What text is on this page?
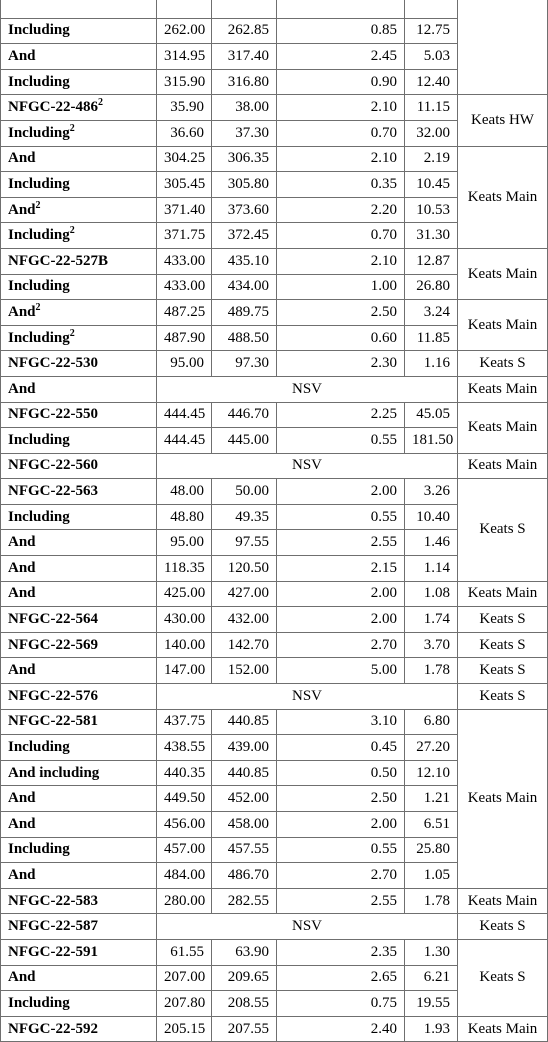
Including	262.00	262.85	0.85	12.75	
And	314.95	317.40	2.45	5.03	
Including	315.90	316.80	0.90	12.40	
NFGC-$22-486^2$	35.90	38.00	2.10	11.15	Keats HW
Including$^2$	36.60	37.30	0.70	32.00	
And	304.25	306.35	2.10	2.19	Keats Main
Including	305.45	305.80	0.35	10.45	
And$^2$	371.40	373.60	2.20	10.53	
Including$^2$	371.75	372.45	0.70	31.30	
NFGC-22-527B	433.00	435.10	2.10	12.87	Keats Main
Including	433.00	434.00	1.00	26.80	
And$^2$	487.25	489.75	2.50	3.24	Keats Main
Including$^2$	487.90	488.50	0.60	11.85	
NFGC-22-530	95.00	97.30	2.30	1.16	Keats S
And	NSV				Keats Main
NFGC-22-550	444.45	446.70	2.25	45.05	Keats Main
Including	444.45	445.00	0.55	181.50	
NFGC-22-560	NSV				Keats Main
NFGC-22-563	48.00	50.00	2.00	3.26	Keats S
Including	48.80	49.35	0.55	10.40	
And	95.00	97.55	2.55	1.46	
And	118.35	120.50	2.15	1.14	
And	425.00	427.00	2.00	1.08	Keats Main
NFGC-22-564	430.00	432.00	2.00	1.74	Keats S
NFGC-22-569	140.00	142.70	2.70	3.70	Keats S
And	147.00	152.00	5.00	1.78	Keats S
NFGC-22-576	NSV				Keats S
NFGC-22-581	437.75	440.85	3.10	6.80	Keats Main
Including	438.55	439.00	0.45	27.20	
And including	440.35	440.85	0.50	12.10	
And	449.50	452.00	2.50	1.21	
And	456.00	458.00	2.00	6.51	
Including	457.00	457.55	0.55	25.80	
And	484.00	486.70	2.70	1.05	
NFGC-22-583	280.00	282.55	2.55	1.78	Keats Main
NFGC-22-587	NSV				Keats S
NFGC-22-591	61.55	63.90	2.35	1.30	Keats S
And	207.00	209.65	2.65	6.21	
Including	207.80	208.55	0.75	19.55	
NFGC-22-592	205.15	207.55	2.40	1.93	Keats Main
